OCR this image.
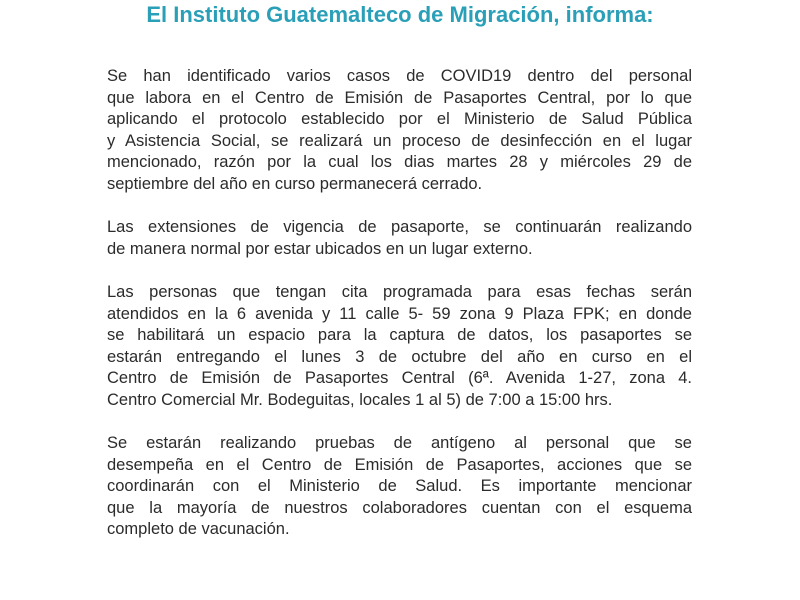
El Instituto Guatemalteco de Migración, informa:

Se han identificado varios casos de COVID19 dentro del personal
que labora en el Centro de Emisión de Pasaportes Central, por lo que
aplicando el protocolo establecido por el Ministerio de Salud Pública
y Asistencia Social, se realizará un proceso de desinfección en el lugar
mencionado, razón por la cual los dias martes 28 y miércoles 29 de
septiembre del año en curso permanecerá cerrado.

Las extensiones de vigencia de pasaporte, se continuarán realizando
de manera normal por estar ubicados en un lugar externo.

Las personas que tengan cita programada para esas fechas serán
atendidos en la 6 avenida y 11 calle 5- 59 zona 9 Plaza FPK; en donde
se habilitará un espacio para la captura de datos, los pasaportes se
estarán entregando el lunes 3 de octubre del año en curso en el
Centro de Emisión de Pasaportes Central (6ª. Avenida 1-27, zona 4.
Centro Comercial Mr. Bodeguitas, locales 1 al 5) de 7:00 a 15:00 hrs.

Se estarán realizando pruebas de antígeno al personal que se
desempeña en el Centro de Emisión de Pasaportes, acciones que se
coordinarán con el Ministerio de Salud. Es importante mencionar
que la mayoría de nuestros colaboradores cuentan con el esquema
completo de vacunación.
